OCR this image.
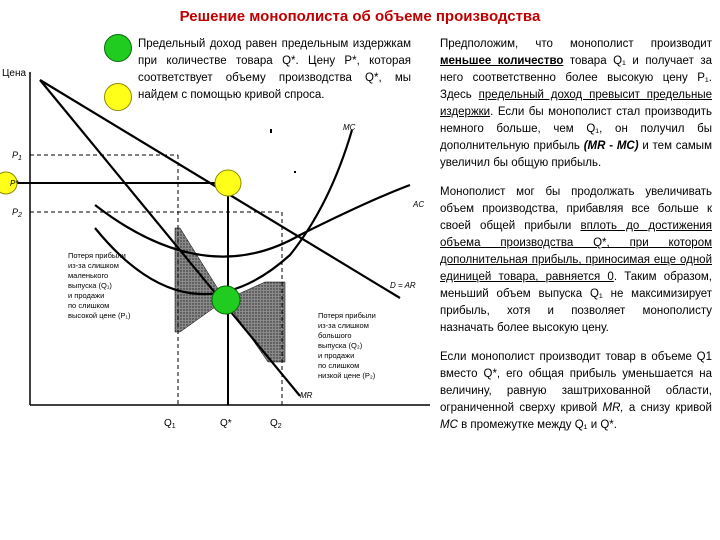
Решение монополиста об объеме производства
Предельный доход равен предельным издержкам при количестве товара Q*. Цену P*, которая соответствует объему производства Q*, мы найдем с помощью кривой спроса.
Цена
$P_1$
P*
$P_2$
MC
AC
D = AR
MR
$Q_1$	Q*	$Q_2$
Потеря прибыли из-за слишком маленького выпуска (Q₁) и продажи по слишком высокой цене (P₁)	Потеря прибыли из-за слишком большого выпуска (Q₂) и продажи по слишком низкой цене (P₂)

Предположим, что монополист производит меньшее количество товара Q₁ и получает за него соответственно более высокую цену P₁. Здесь предельный доход превысит предельные издержки. Если бы монополист стал производить немного больше, чем Q₁, он получил бы дополнительную прибыль (MR - MC) и тем самым увеличил бы общую прибыль.

Монополист мог бы продолжать увеличивать объем производства, прибавляя все больше к своей общей прибыли вплоть до достижения объема производства Q*, при котором дополнительная прибыль, приносимая еще одной единицей товара, равняется 0. Таким образом, меньший объем выпуска Q₁ не максимизирует прибыль, хотя и позволяет монополисту назначать более высокую цену.

Если монополист производит товар в объеме Q1 вместо Q*, его общая прибыль уменьшается на величину, равную заштрихованной области, ограниченной сверху кривой MR, а снизу кривой MC в промежутке между Q₁ и Q*.
